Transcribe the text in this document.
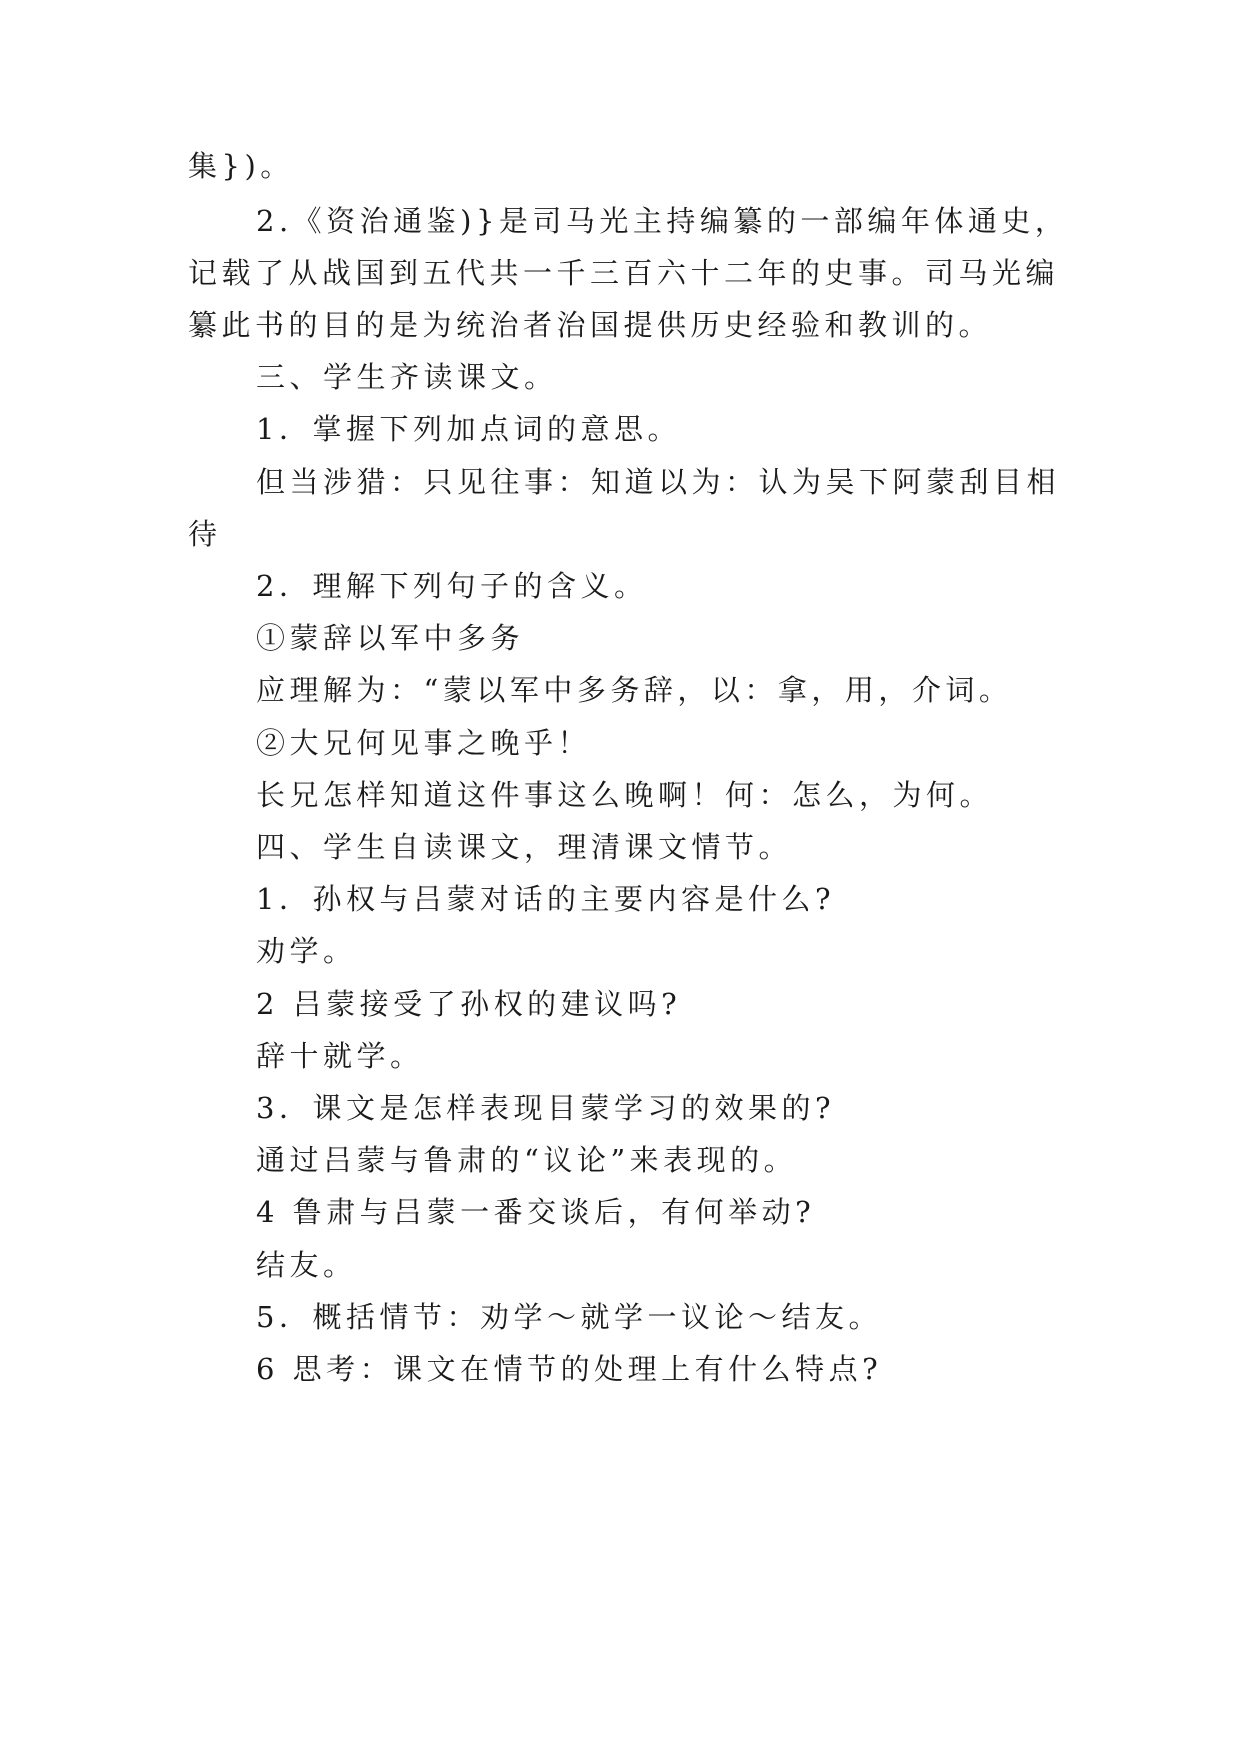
集})。
2.《资治通鉴)}是司马光主持编纂的一部编年体通史，
记载了从战国到五代共一千三百六十二年的史事。司马光编
纂此书的目的是为统治者治国提供历史经验和教训的。
三、学生齐读课文。
1．掌握下列加点词的意思。
但当涉猎：只见往事：知道以为：认为吴下阿蒙刮目相
待
2．理解下列句子的含义。
①蒙辞以军中多务
应理解为：“蒙以军中多务辞，以：拿，用，介词。
②大兄何见事之晚乎！
长兄怎样知道这件事这么晚啊！何：怎么，为何。
四、学生自读课文，理清课文情节。
1．孙权与吕蒙对话的主要内容是什么?
劝学。
2 吕蒙接受了孙权的建议吗?
辞十就学。
3．课文是怎样表现目蒙学习的效果的?
通过吕蒙与鲁肃的“议论”来表现的。
4 鲁肃与吕蒙一番交谈后，有何举动?
结友。
5．概括情节：劝学～就学一议论～结友。
6 思考：课文在情节的处理上有什么特点?
